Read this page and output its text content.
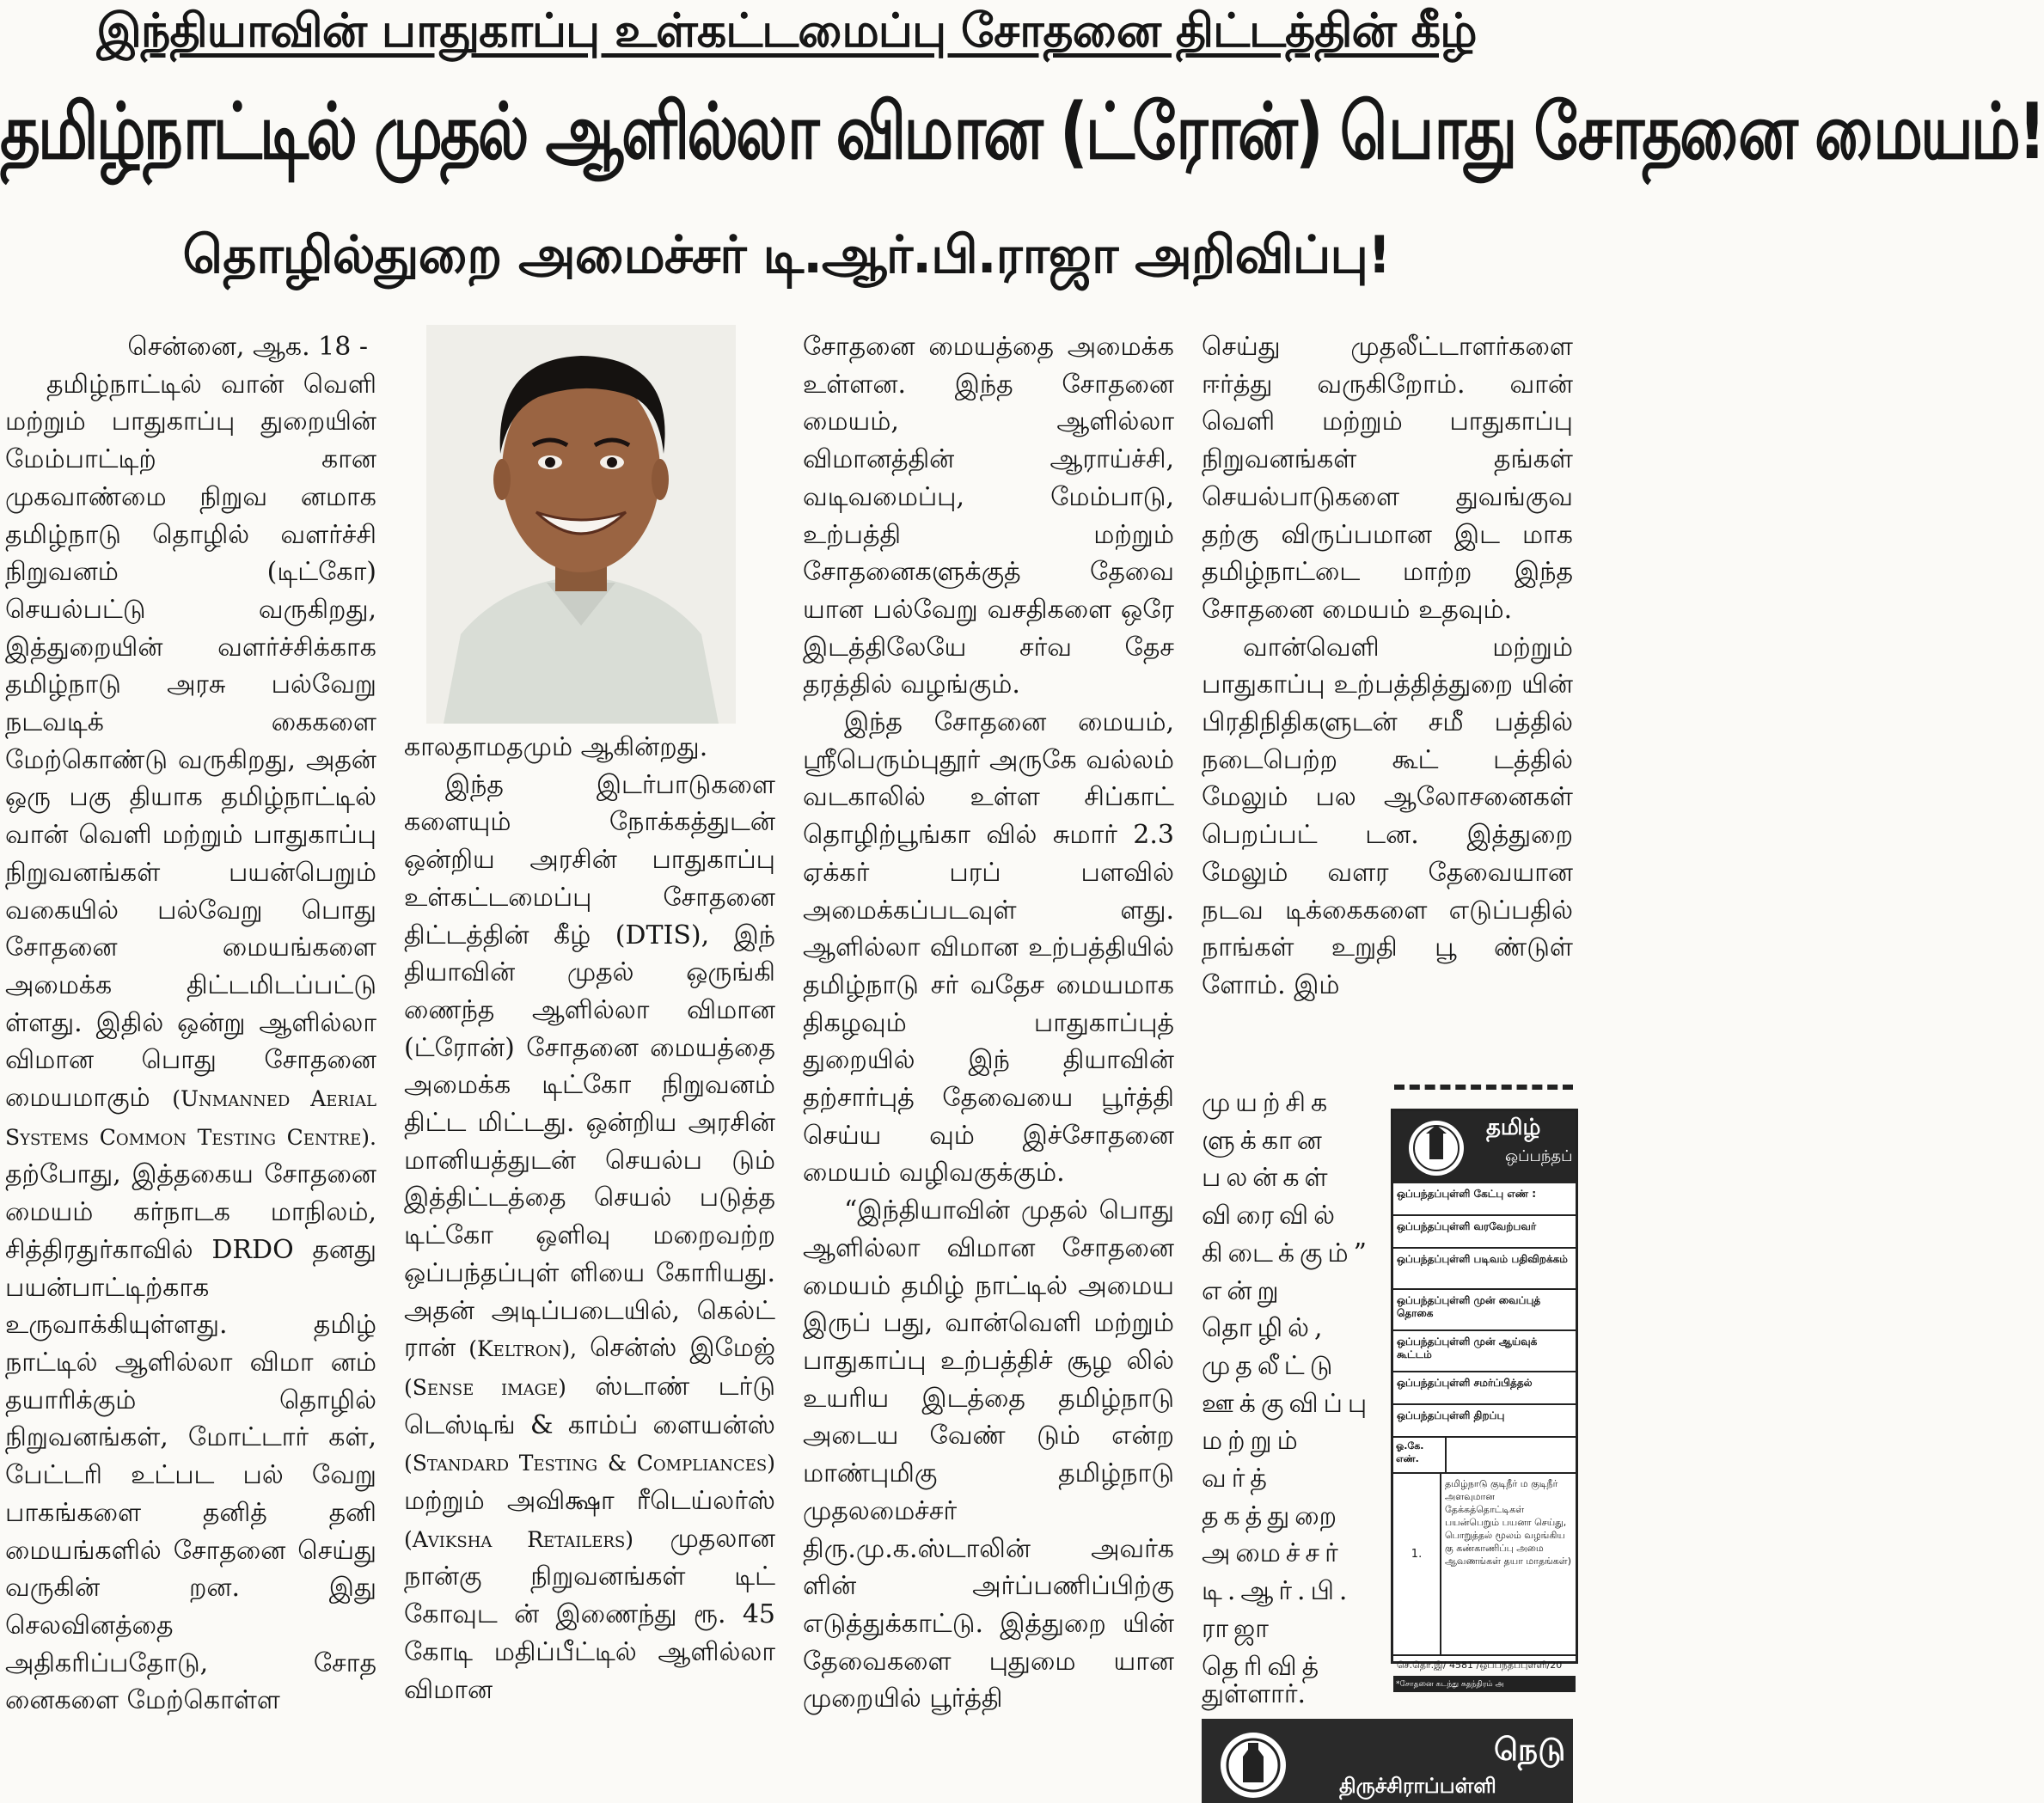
இந்தியாவின் பாதுகாப்பு உள்கட்டமைப்பு சோதனை திட்டத்தின் கீழ்
தமிழ்நாட்டில் முதல் ஆளில்லா விமான (ட்ரோன்) பொது சோதனை மையம்!
தொழில்துறை அமைச்சர் டி.ஆர்.பி.ராஜா அறிவிப்பு!

சென்னை, ஆக. 18 -

தமிழ்நாட்டில் வான் வெளி மற்றும் பாதுகாப்பு துறையின் மேம்பாட்டிற் கான முகவாண்மை நிறுவ னமாக தமிழ்நாடு தொழில் வளர்ச்சி நிறுவனம் (டிட்கோ) செயல்பட்டு வருகிறது, இத்துறையின் வளர்ச்சிக்காக தமிழ்நாடு அரசு பல்வேறு நடவடிக் கைகளை மேற்கொண்டு வருகிறது, அதன் ஒரு பகு தியாக தமிழ்நாட்டில் வான் வெளி மற்றும் பாதுகாப்பு நிறுவனங்கள் பயன்பெறும் வகையில் பல்வேறு பொது சோதனை மையங்களை அமைக்க திட்டமிடப்பட்டு ள்ளது. இதில் ஒன்று ஆளில்லா விமான பொது சோதனை மையமாகும் (Unmanned Aerial Systems Common Testing Centre). தற்போது, இத்தகைய சோதனை மையம் கர்நாடக மாநிலம், சித்திரதுர்காவில் DRDO தனது பயன்பாட்டிற்காக உருவாக்கியுள்ளது. தமிழ் நாட்டில் ஆளில்லா விமா னம் தயாரிக்கும் தொழில் நிறுவனங்கள், மோட்டார் கள், பேட்டரி உட்பட பல் வேறு பாகங்களை தனித் தனி மையங்களில் சோதனை செய்து வருகின் றன. இது செலவினத்தை அதிகரிப்பதோடு, சோத னைகளை மேற்கொள்ள

காலதாமதமும் ஆகின்றது.

இந்த இடர்பாடுகளை களையும் நோக்கத்துடன் ஒன்றிய அரசின் பாதுகாப்பு உள்கட்டமைப்பு சோதனை திட்டத்தின் கீழ் (DTIS), இந் தியாவின் முதல் ஒருங்கி ணைந்த ஆளில்லா விமான (ட்ரோன்) சோதனை மையத்தை அமைக்க டிட்கோ நிறுவனம் திட்ட மிட்டது. ஒன்றிய அரசின் மானியத்துடன் செயல்ப டும் இத்திட்டத்தை செயல் படுத்த டிட்கோ ஒளிவு மறைவற்ற ஒப்பந்தப்புள் ளியை கோரியது. அதன் அடிப்படையில், கெல்ட் ரான் (Keltron), சென்ஸ் இமேஜ் (Sense image) ஸ்டாண் டர்டு டெஸ்டிங் & காம்ப் ளையன்ஸ் (Standard Testing & Compliances) மற்றும் அவிக்ஷா ரீடெய்லர்ஸ் (Aviksha Retailers) முதலான நான்கு நிறுவனங்கள் டிட் கோவுட ன் இணைந்து ரூ. 45 கோடி மதிப்பீட்டில் ஆளில்லா விமான

சோதனை மையத்தை அமைக்க உள்ளன. இந்த சோதனை மையம், ஆளில்லா விமானத்தின் ஆராய்ச்சி, வடிவமைப்பு, மேம்பாடு, உற்பத்தி மற்றும் சோதனைகளுக்குத் தேவை யான பல்வேறு வசதிகளை ஒரே இடத்திலேயே சர்வ தேச தரத்தில் வழங்கும்.

இந்த சோதனை மையம், ஸ்ரீபெரும்புதூர் அருகே வல்லம் வடகாலில் உள்ள சிப்காட் தொழிற்பூங்கா வில் சுமார் 2.3 ஏக்கர் பரப் பளவில் அமைக்கப்படவுள் ளது. ஆளில்லா விமான உற்பத்தியில் தமிழ்நாடு சர் வதேச மையமாக திகழவும் பாதுகாப்புத் துறையில் இந் தியாவின் தற்சார்புத் தேவையை பூர்த்தி செய்ய வும் இச்சோதனை மையம் வழிவகுக்கும்.

“இந்தியாவின் முதல் பொது ஆளில்லா விமான சோதனை மையம் தமிழ் நாட்டில் அமைய இருப் பது, வான்வெளி மற்றும் பாதுகாப்பு உற்பத்திச் சூழ லில் உயரிய இடத்தை தமிழ்நாடு அடைய வேண் டும் என்ற மாண்புமிகு தமிழ்நாடு முதலமைச்சர் திரு.மு.க.ஸ்டாலின் அவர்க ளின் அர்ப்பணிப்பிற்கு எடுத்துக்காட்டு. இத்துறை யின் தேவைகளை புதுமை யான முறையில் பூர்த்தி

செய்து முதலீட்டாளர்களை ஈர்த்து வருகிறோம். வான் வெளி மற்றும் பாதுகாப்பு நிறுவனங்கள் தங்கள் செயல்பாடுகளை துவங்குவ தற்கு விருப்பமான இட மாக தமிழ்நாட்டை மாற்ற இந்த சோதனை மையம் உதவும்.

வான்வெளி மற்றும் பாதுகாப்பு உற்பத்தித்துறை யின் பிரதிநிதிகளுடன் சமீ பத்தில் நடைபெற்ற கூட் டத்தில் மேலும் பல ஆலோசனைகள் பெறப்பட் டன. இத்துறை மேலும் வளர தேவையான நடவ டிக்கைகளை எடுப்பதில் நாங்கள் உறுதி பூ ண்டுள் ளோம். இம்

முயற்சிக ளுக்கான பலன்கள் விரைவில் கிடைக்கும்” என்று தொழில், முதலீட்டு ஊக்குவிப்பு மற்றும் வர்த் தகத்துறை அமைச்சர் டி.ஆர்.பி. ராஜா தெரிவித்

துள்ளார்.

தமிழ்
ஒப்பந்தப்
ஒப்பந்தப்புள்ளி கேட்பு எண் :
ஒப்பந்தப்புள்ளி வரவேற்பவர்
ஒப்பந்தப்புள்ளி படிவம் பதிவிறக்கம்
ஒப்பந்தப்புள்ளி முன் வைப்புத் தொகை
ஒப்பந்தப்புள்ளி முன் ஆய்வுக் கூட்டம்
ஒப்பந்தப்புள்ளி சமர்ப்பித்தல்
ஒப்பந்தப்புள்ளி திறப்பு
ஓ.கே. எண்.
1.
தமிழ்நாடு குடிநீர் ம குடிநீர் அளவுமான தேக்கத்தொட்டிகள் பயன்பெறும் பயனா செய்து, பொறுத்தல் மூலம் வழங்கிய கு கண்காணிப்பு அமை ஆவணங்கள் தயா மாதங்கள்)
செ.தொ.இ/ 4581 /ஒப்பந்தப்புள்ளி/20
*சோதனை கடந்து சுதந்திரம் அ
நெடு
திருச்சிராப்பள்ளி
